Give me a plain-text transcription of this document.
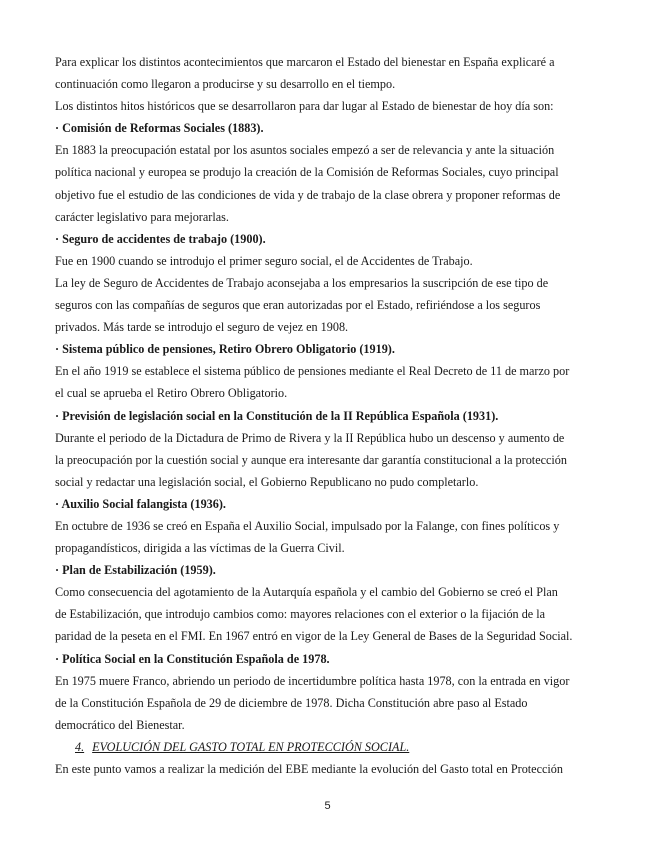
Para explicar los distintos acontecimientos que marcaron el Estado del bienestar en España explicaré a
continuación como llegaron a producirse y su desarrollo en el tiempo.
Los distintos hitos históricos que se desarrollaron para dar lugar al Estado de bienestar de hoy día son:
· Comisión de Reformas Sociales (1883).
En 1883 la preocupación estatal por los asuntos sociales empezó a ser de relevancia y ante la situación
política nacional y europea se produjo la creación de la Comisión de Reformas Sociales, cuyo principal
objetivo fue el estudio de las condiciones de vida y de trabajo de la clase obrera y proponer reformas de
carácter legislativo para mejorarlas.
· Seguro de accidentes de trabajo (1900).
Fue en 1900 cuando se introdujo el primer seguro social, el de Accidentes de Trabajo.
La ley de Seguro de Accidentes de Trabajo aconsejaba a los empresarios la suscripción de ese tipo de
seguros con las compañías de seguros que eran autorizadas por el Estado, refiriéndose a los seguros
privados. Más tarde se introdujo el seguro de vejez en 1908.
· Sistema público de pensiones, Retiro Obrero Obligatorio (1919).
En el año 1919 se establece el sistema público de pensiones mediante el Real Decreto de 11 de marzo por
el cual se aprueba el Retiro Obrero Obligatorio.
· Previsión de legislación social en la Constitución de la II República Española (1931).
Durante el periodo de la Dictadura de Primo de Rivera y la II República hubo un descenso y aumento de
la preocupación por la cuestión social y aunque era interesante dar garantía constitucional a la protección
social y redactar una legislación social, el Gobierno Republicano no pudo completarlo.
· Auxilio Social falangista (1936).
En octubre de 1936 se creó en España el Auxilio Social, impulsado por la Falange, con fines políticos y
propagandísticos, dirigida a las víctimas de la Guerra Civil.
· Plan de Estabilización (1959).
Como consecuencia del agotamiento de la Autarquía española y el cambio del Gobierno se creó el Plan
de Estabilización, que introdujo cambios como: mayores relaciones con el exterior o la fijación de la
paridad de la peseta en el FMI. En 1967 entró en vigor de la Ley General de Bases de la Seguridad Social.
· Política Social en la Constitución Española de 1978.
En 1975 muere Franco, abriendo un periodo de incertidumbre política hasta 1978, con la entrada en vigor
de la Constitución Española de 29 de diciembre de 1978. Dicha Constitución abre paso al Estado
democrático del Bienestar.
4. EVOLUCIÓN DEL GASTO TOTAL EN PROTECCIÓN SOCIAL.
En este punto vamos a realizar la medición del EBE mediante la evolución del Gasto total en Protección
5
